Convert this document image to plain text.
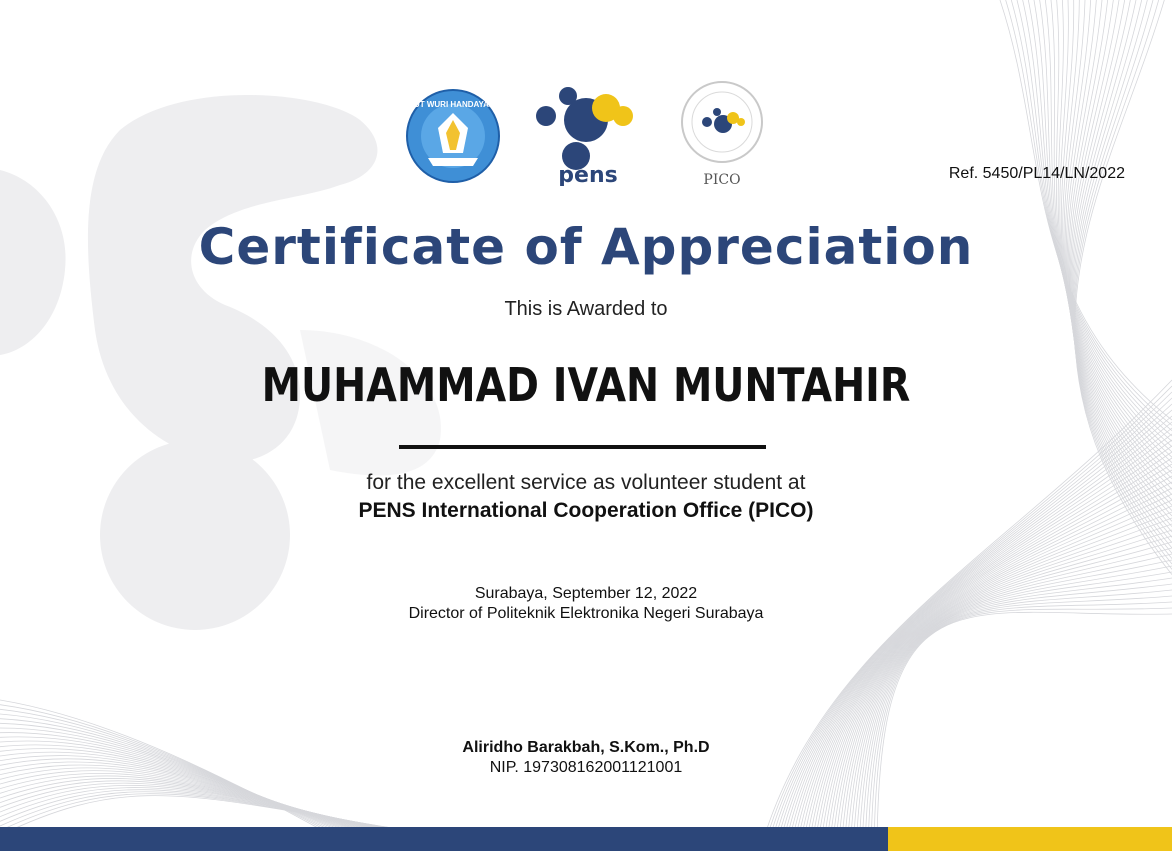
TUT WURI HANDAYANI
pens	PICO	Ref. 5450/PL14/LN/2022
Certificate of Appreciation
This is Awarded to
MUHAMMAD IVAN MUNTAHIR
for the excellent service as volunteer student at
PENS International Cooperation Office (PICO)
Surabaya, September 12, 2022
Director of Politeknik Elektronika Negeri Surabaya
Aliridho Barakbah, S.Kom., Ph.D
NIP. 197308162001121001
